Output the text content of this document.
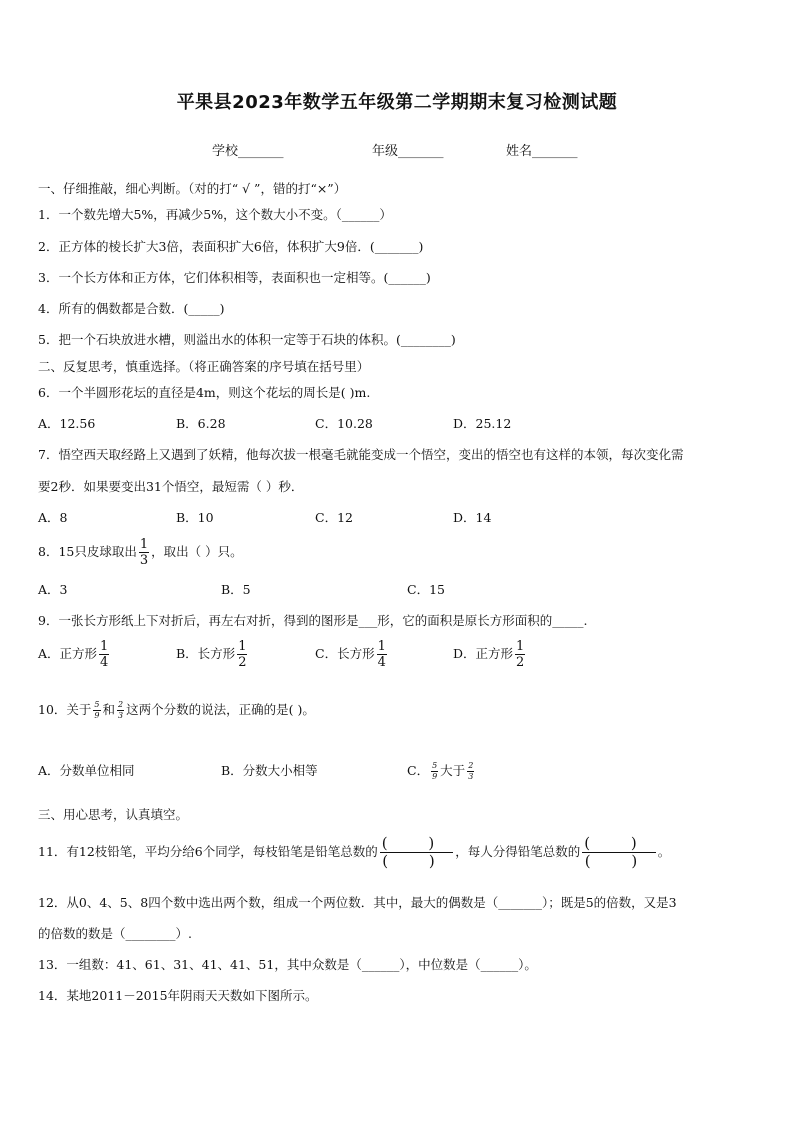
平果县2023年数学五年级第二学期期末复习检测试题
学校_______	年级_______	姓名_______
一、仔细推敲，细心判断。（对的打“ √ ”，错的打“×”）
1．一个数先增大5%，再减少5%，这个数大小不变。（______）
2．正方体的棱长扩大3倍，表面积扩大6倍，体积扩大9倍．(_______)
3．一个长方体和正方体，它们体积相等，表面积也一定相等。(______)
4．所有的偶数都是合数．(_____)
5．把一个石块放进水槽，则溢出水的体积一定等于石块的体积。(________)
二、反复思考，慎重选择。（将正确答案的序号填在括号里）
6．一个半圆形花坛的直径是4m，则这个花坛的周长是( )m.
A．12.56	B．6.28	C．10.28	D．25.12
7．悟空西天取经路上又遇到了妖精，他每次拔一根毫毛就能变成一个悟空，变出的悟空也有这样的本领，每次变化需
要2秒．如果要变出31个悟空，最短需（ ）秒．
A．8	B．10	C．12	D．14
8．15只皮球取出 $\frac{1}{3}$ ，取出（ ）只。
A．3	B．5	C．15
9．一张长方形纸上下对折后，再左右对折，得到的图形是___形，它的面积是原长方形面积的_____.
A．正方形 $\frac{1}{4}$	B．长方形 $\frac{1}{2}$	C．长方形 $\frac{1}{4}$	D．正方形 $\frac{1}{2}$
10．关于 $\frac{5}{9}$ 和 $\frac{2}{3}$ 这两个分数的说法，正确的是( )。
A．分数单位相同	B．分数大小相等	C． $\frac{5}{9}$ 大于 $\frac{2}{3}$
三、用心思考，认真填空。
11．有12枝铅笔，平均分给6个同学，每枝铅笔是铅笔总数的 $\frac{( )}{( )}$ ，每人分得铅笔总数的 $\frac{( )}{( )}$ 。
12．从0、4、5、8四个数中选出两个数，组成一个两位数．其中，最大的偶数是（_______）；既是5的倍数，又是3
的倍数的数是（________）.
13．一组数：41、61、31、41、41、51，其中众数是（______），中位数是（______）。
14．某地2011－2015年阴雨天天数如下图所示。
